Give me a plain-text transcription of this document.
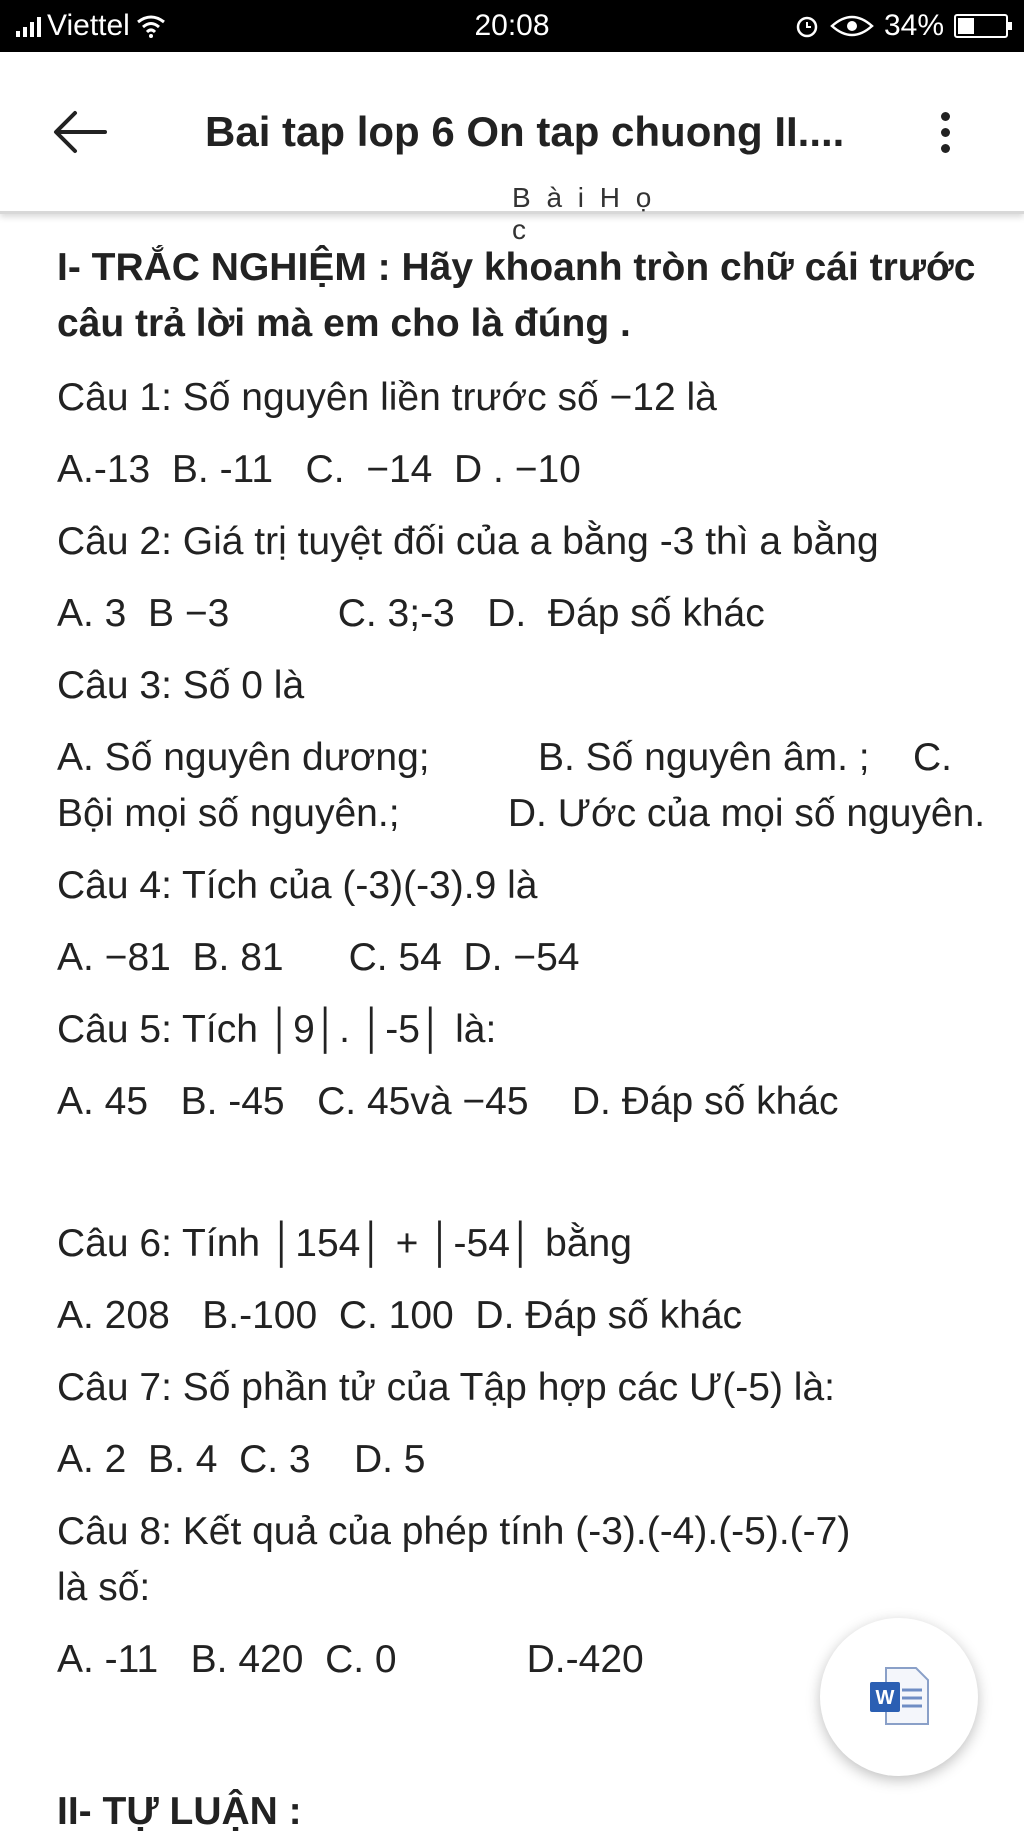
Viettel	20:08	34%
Bai tap lop 6 On tap chuong II....
B à i H ọ c
I- TRẮC NGHIỆM : Hãy khoanh tròn chữ cái trước câu trả lời mà em cho là đúng .
Câu 1: Số nguyên liền trước số −12 là
A.-13  B. -11   C.  −14  D . −10
Câu 2: Giá trị tuyệt đối của a bằng -3 thì a bằng
A. 3  B −3          C. 3;-3   D.  Đáp số khác
Câu 3: Số 0 là
A. Số nguyên dương;          B. Số nguyên âm. ;    C. Bội mọi số nguyên.;          D. Ước của mọi số nguyên.
Câu 4: Tích của (-3)(-3).9 là
A. −81  B. 81      C. 54  D. −54
Câu 5: Tích │9│. │-5│ là:
A. 45   B. -45   C. 45và −45    D. Đáp số khác
Câu 6: Tính │154│ + │-54│ bằng
A. 208   B.-100  C. 100  D. Đáp số khác
Câu 7: Số phần tử của Tập hợp các Ư(-5) là:
A. 2  B. 4  C. 3    D. 5
Câu 8: Kết quả của phép tính (-3).(-4).(-5).(-7) là số:
A. -11   B. 420  C. 0            D.-420
II- TỰ LUẬN :
W
